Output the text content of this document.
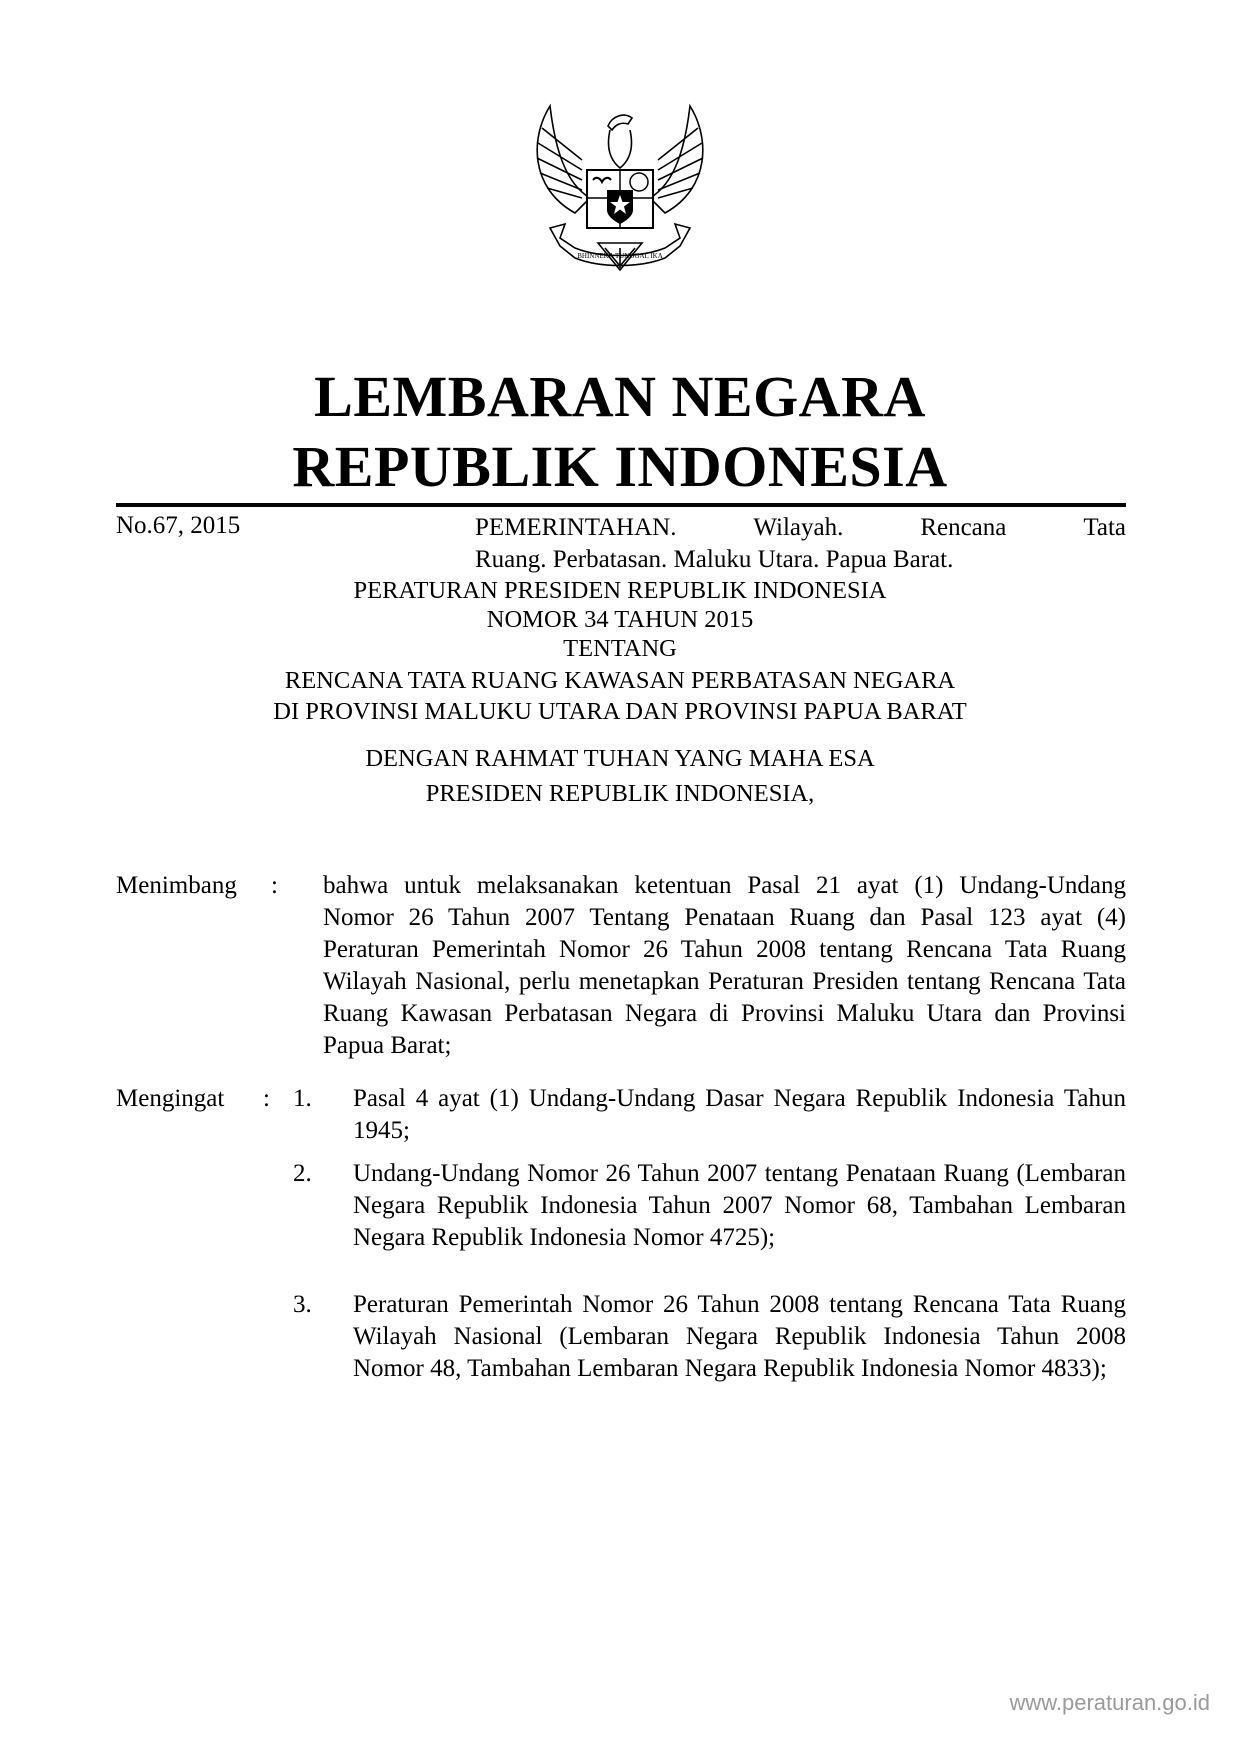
BHINNEKA TUNGGAL IKA
LEMBARAN NEGARA
REPUBLIK INDONESIA
No.67, 2015	PEMERINTAHAN.	Wilayah.	Rencana	Tata
Ruang. Perbatasan. Maluku Utara. Papua Barat.
PERATURAN PRESIDEN REPUBLIK INDONESIA
NOMOR 34 TAHUN 2015
TENTANG
RENCANA TATA RUANG KAWASAN PERBATASAN NEGARA
DI PROVINSI MALUKU UTARA DAN PROVINSI PAPUA BARAT
DENGAN RAHMAT TUHAN YANG MAHA ESA
PRESIDEN REPUBLIK INDONESIA,
Menimbang : bahwa untuk melaksanakan ketentuan Pasal 21 ayat (1) Undang-Undang Nomor 26 Tahun 2007 Tentang Penataan Ruang dan Pasal 123 ayat (4) Peraturan Pemerintah Nomor 26 Tahun 2008 tentang Rencana Tata Ruang Wilayah Nasional, perlu menetapkan Peraturan Presiden tentang Rencana Tata Ruang Kawasan Perbatasan Negara di Provinsi Maluku Utara dan Provinsi Papua Barat;
Mengingat : 1. Pasal 4 ayat (1) Undang-Undang Dasar Negara Republik Indonesia Tahun 1945;
2. Undang-Undang Nomor 26 Tahun 2007 tentang Penataan Ruang (Lembaran Negara Republik Indonesia Tahun 2007 Nomor 68, Tambahan Lembaran Negara Republik Indonesia Nomor 4725);
3. Peraturan Pemerintah Nomor 26 Tahun 2008 tentang Rencana Tata Ruang Wilayah Nasional (Lembaran Negara Republik Indonesia Tahun 2008 Nomor 48, Tambahan Lembaran Negara Republik Indonesia Nomor 4833);
www.peraturan.go.id
